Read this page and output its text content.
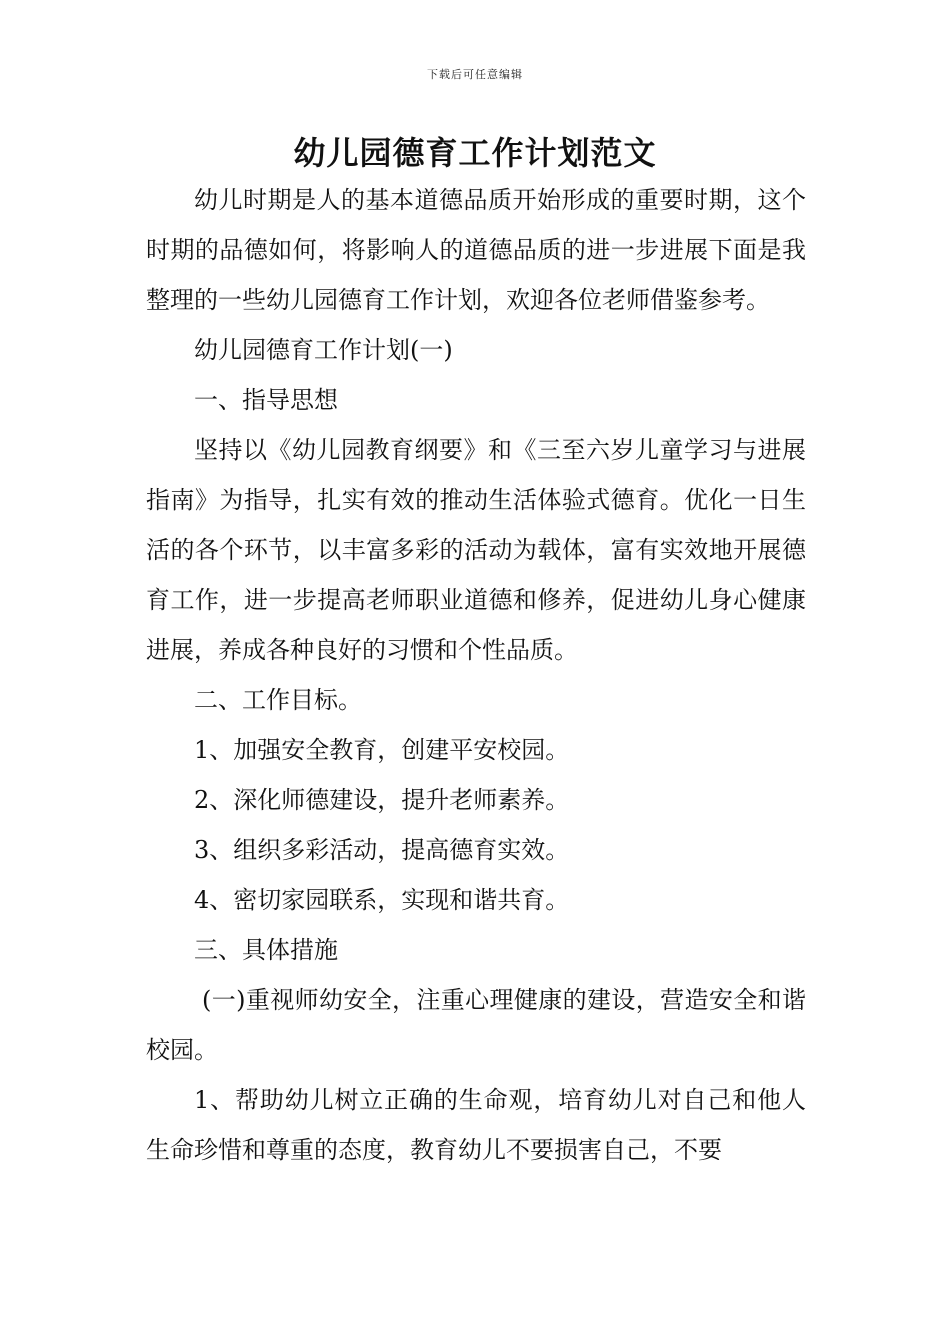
下载后可任意编辑
幼儿园德育工作计划范文

幼儿时期是人的基本道德品质开始形成的重要时期，这个时期的品德如何，将影响人的道德品质的进一步进展下面是我整理的一些幼儿园德育工作计划，欢迎各位老师借鉴参考。

幼儿园德育工作计划(一)

一、指导思想

坚持以《幼儿园教育纲要》和《三至六岁儿童学习与进展指南》为指导，扎实有效的推动生活体验式德育。优化一日生活的各个环节，以丰富多彩的活动为载体，富有实效地开展德育工作，进一步提高老师职业道德和修养，促进幼儿身心健康进展，养成各种良好的习惯和个性品质。

二、工作目标。

1、加强安全教育，创建平安校园。

2、深化师德建设，提升老师素养。

3、组织多彩活动，提高德育实效。

4、密切家园联系，实现和谐共育。

三、具体措施

(一)重视师幼安全，注重心理健康的建设，营造安全和谐校园。

1、帮助幼儿树立正确的生命观，培育幼儿对自己和他人生命珍惜和尊重的态度，教育幼儿不要损害自己，不要
